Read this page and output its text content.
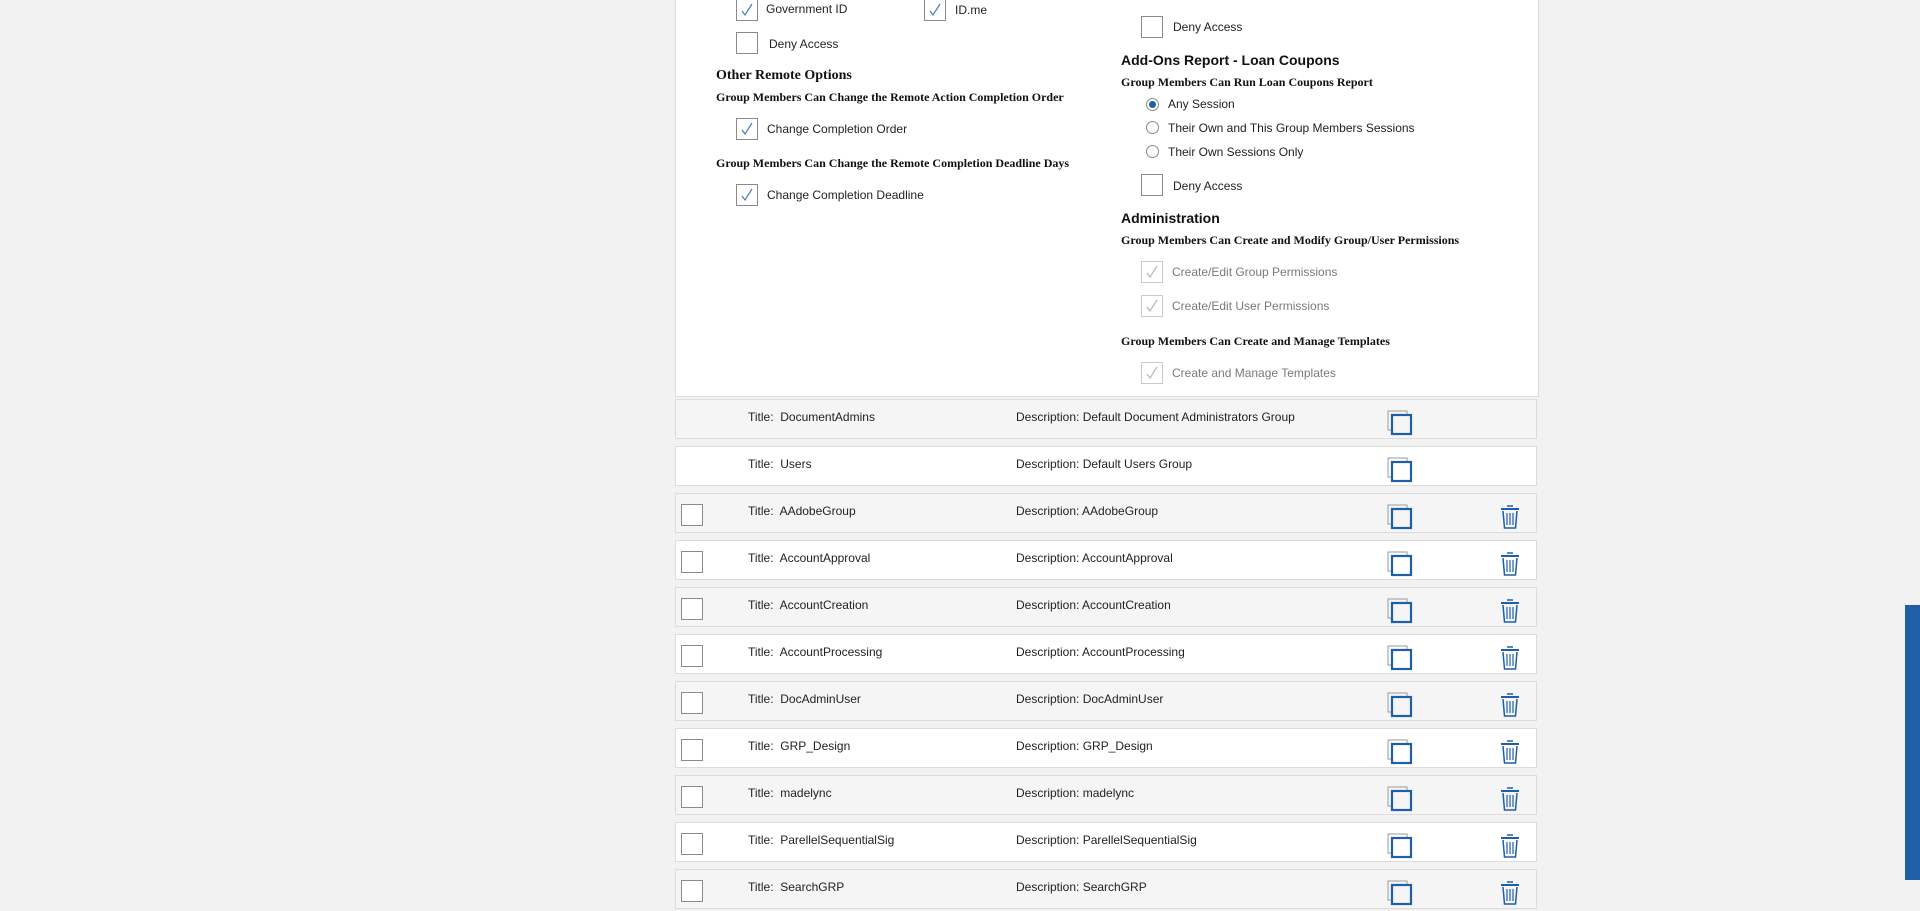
Government ID	ID.me
Deny Access
Other Remote Options
Group Members Can Change the Remote Action Completion Order
Change Completion Order
Group Members Can Change the Remote Completion Deadline Days
Change Completion Deadline
Deny Access
Add-Ons Report - Loan Coupons
Group Members Can Run Loan Coupons Report
Any Session
Their Own and This Group Members Sessions
Their Own Sessions Only
Deny Access
Administration
Group Members Can Create and Modify Group/User Permissions
Create/Edit Group Permissions
Create/Edit User Permissions
Group Members Can Create and Manage Templates
Create and Manage Templates
Title: DocumentAdmins	Description: Default Document Administrators Group
Title: Users	Description: Default Users Group
Title: AAdobeGroup	Description: AAdobeGroup
Title: AccountApproval	Description: AccountApproval
Title: AccountCreation	Description: AccountCreation
Title: AccountProcessing	Description: AccountProcessing
Title: DocAdminUser	Description: DocAdminUser
Title: GRP_Design	Description: GRP_Design
Title: madelync	Description: madelync
Title: ParellelSequentialSig	Description: ParellelSequentialSig
Title: SearchGRP	Description: SearchGRP
